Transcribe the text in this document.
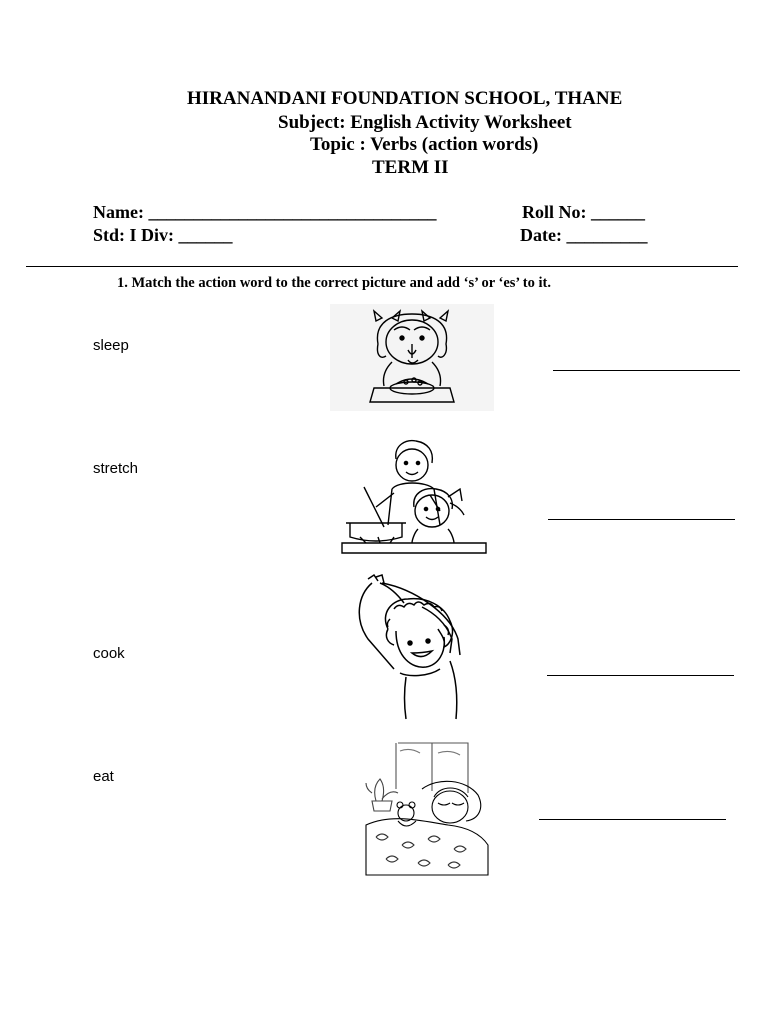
HIRANANDANI FOUNDATION SCHOOL, THANE
Subject: English Activity Worksheet
Topic : Verbs (action words)
TERM II
Name: ________________________________	Roll No: ______
Std: I Div: ______	Date: _________
1. Match the action word to the correct picture and add ‘s’ or ‘es’ to it.
sleep
stretch
cook
eat
